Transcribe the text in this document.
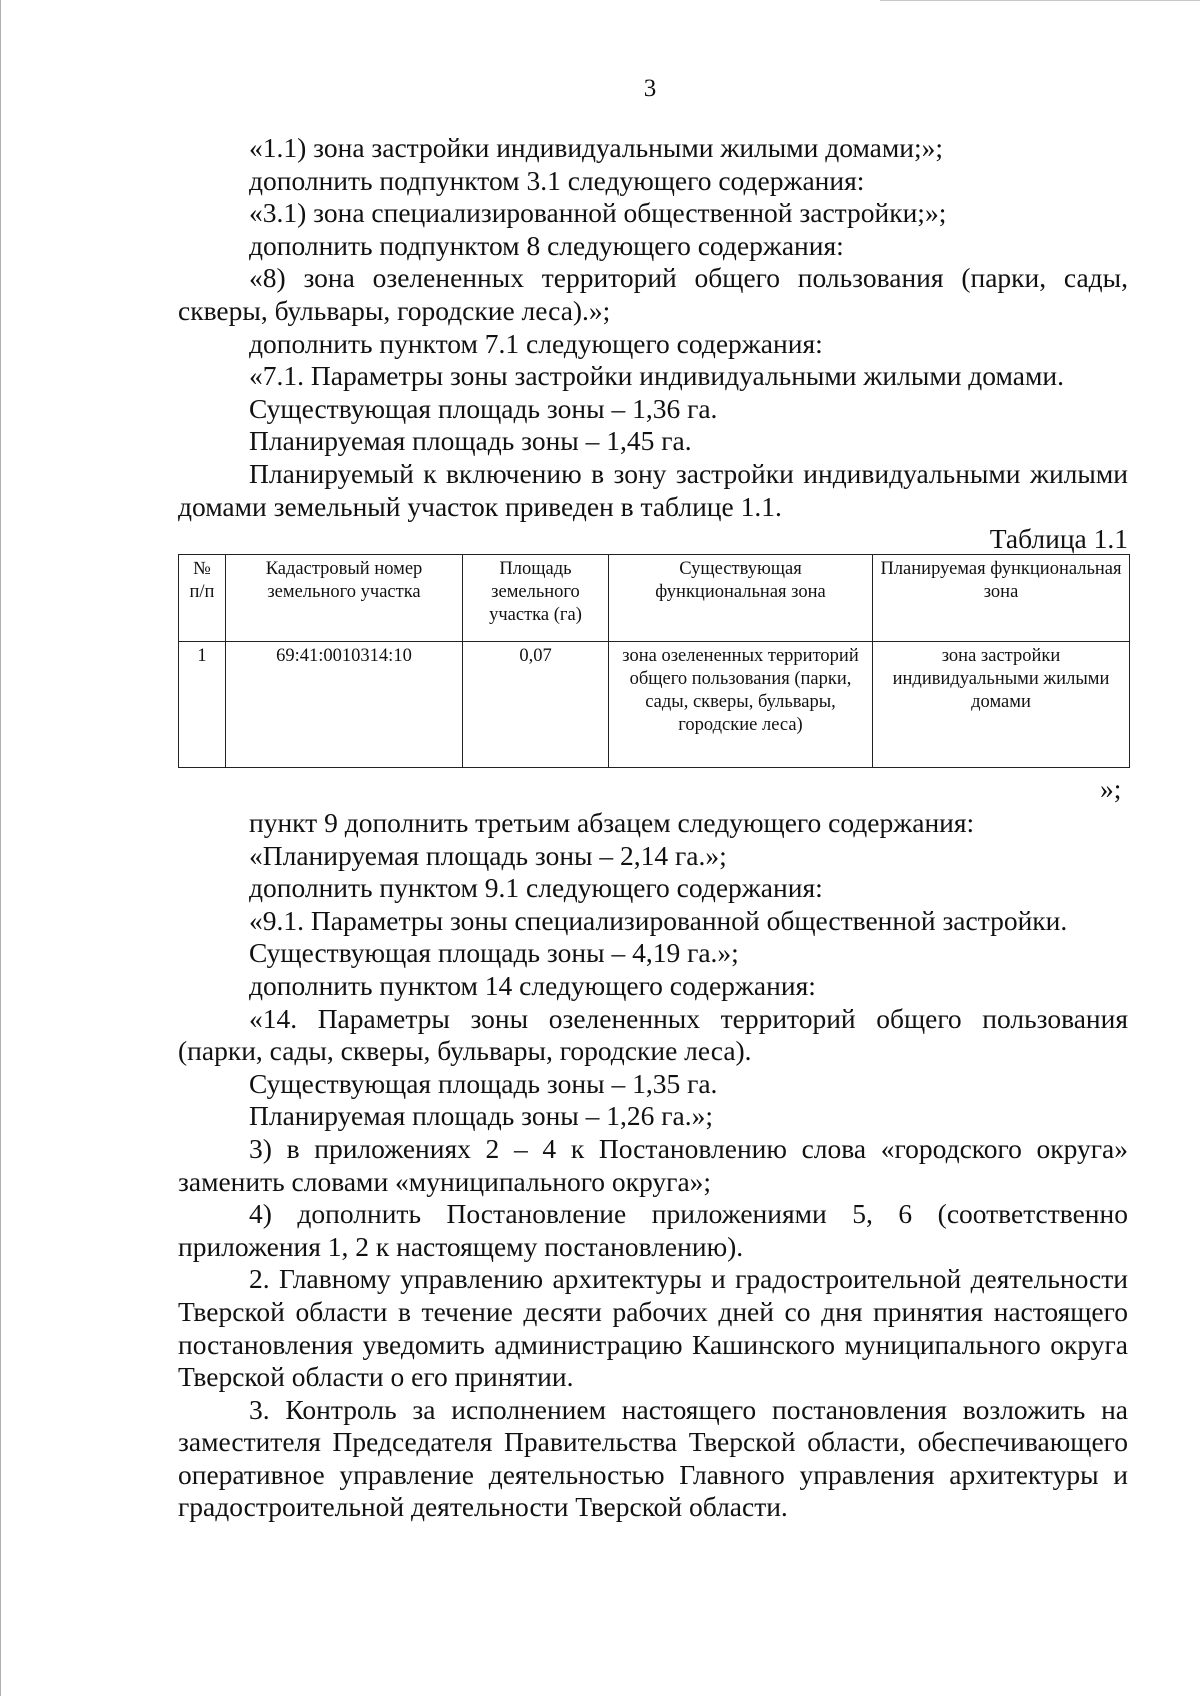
3

«1.1) зона застройки индивидуальными жилыми домами;»;

дополнить подпунктом 3.1 следующего содержания:

«3.1) зона специализированной общественной застройки;»;

дополнить подпунктом 8 следующего содержания:

«8) зона озелененных территорий общего пользования (парки, сады, скверы, бульвары, городские леса).»;

дополнить пунктом 7.1 следующего содержания:

«7.1. Параметры зоны застройки индивидуальными жилыми домами.

Существующая площадь зоны – 1,36 га.

Планируемая площадь зоны – 1,45 га.

Планируемый к включению в зону застройки индивидуальными жилыми домами земельный участок приведен в таблице 1.1.

Таблица 1.1

№ п/п	Кадастровый номер земельного участка	Площадь земельного участка (га)	Существующая функциональная зона	Планируемая функциональная зона
1	69:41:0010314:10	0,07	зона озелененных территорий общего пользования (парки, сады, скверы, бульвары, городские леса)	зона застройки индивидуальными жилыми домами
»;

пункт 9 дополнить третьим абзацем следующего содержания:

«Планируемая площадь зоны – 2,14 га.»;

дополнить пунктом 9.1 следующего содержания:

«9.1. Параметры зоны специализированной общественной застройки.

Существующая площадь зоны – 4,19 га.»;

дополнить пунктом 14 следующего содержания:

«14. Параметры зоны озелененных территорий общего пользования (парки, сады, скверы, бульвары, городские леса).

Существующая площадь зоны – 1,35 га.

Планируемая площадь зоны – 1,26 га.»;

3) в приложениях 2 – 4 к Постановлению слова «городского округа» заменить словами «муниципального округа»;

4) дополнить Постановление приложениями 5, 6 (соответственно приложения 1, 2 к настоящему постановлению).

2. Главному управлению архитектуры и градостроительной деятельности Тверской области в течение десяти рабочих дней со дня принятия настоящего постановления уведомить администрацию Кашинского муниципального округа Тверской области о его принятии.

3. Контроль за исполнением настоящего постановления возложить на заместителя Председателя Правительства Тверской области, обеспечивающего оперативное управление деятельностью Главного управления архитектуры и градостроительной деятельности Тверской области.
